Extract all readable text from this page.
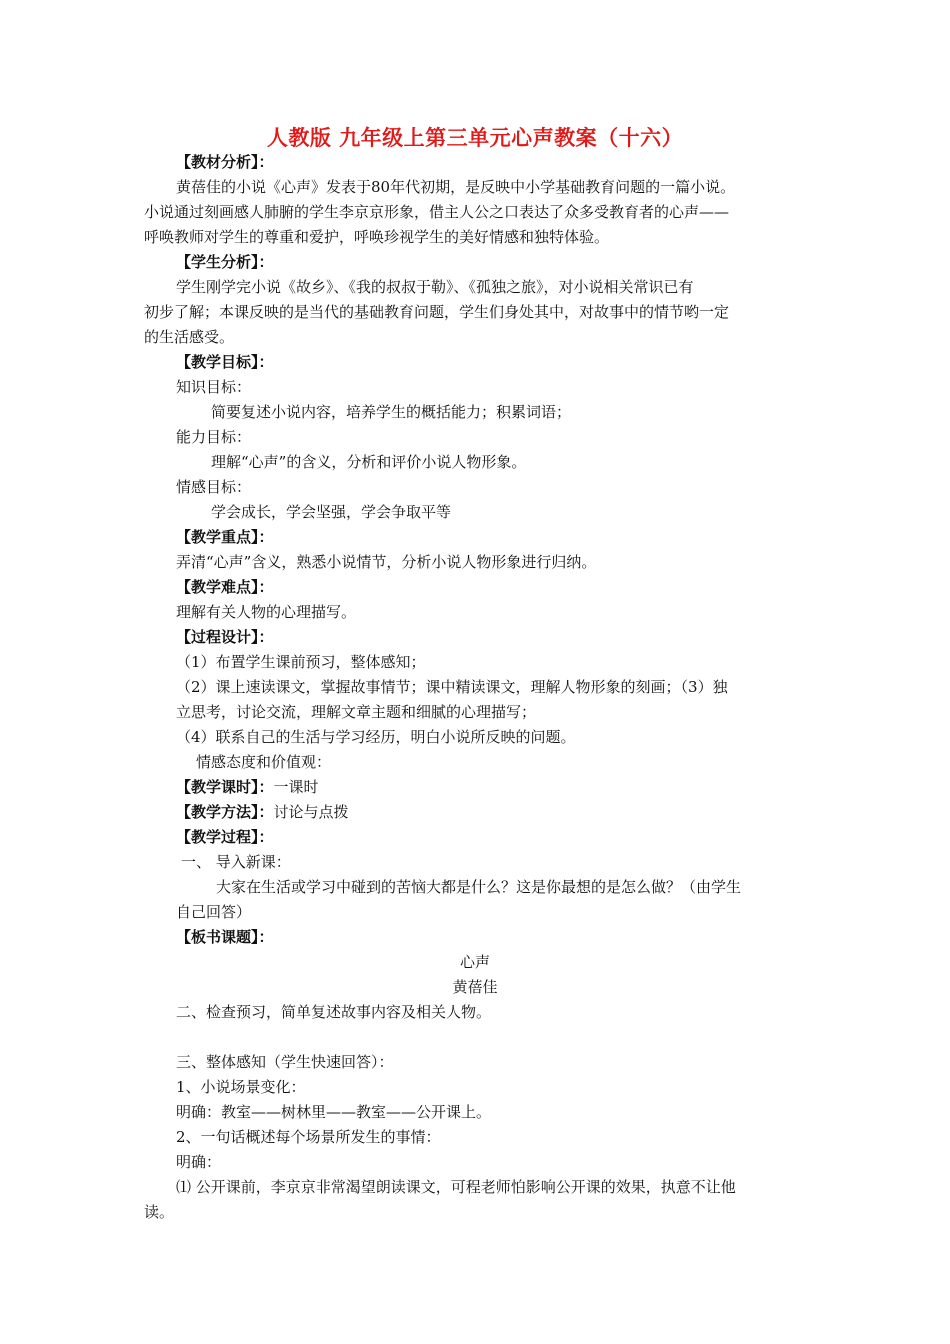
人教版 九年级上第三单元心声教案（十六）
【教材分析】：
黄蓓佳的小说《心声》发表于80年代初期，是反映中小学基础教育问题的一篇小说。
小说通过刻画感人肺腑的学生李京京形象，借主人公之口表达了众多受教育者的心声——
呼唤教师对学生的尊重和爱护，呼唤珍视学生的美好情感和独特体验。
【学生分析】：
学生刚学完小说《故乡》、《我的叔叔于勒》、《孤独之旅》，对小说相关常识已有
初步了解；本课反映的是当代的基础教育问题，学生们身处其中，对故事中的情节哟一定
的生活感受。
【教学目标】：
知识目标：
简要复述小说内容，培养学生的概括能力；积累词语；
能力目标：
理解“心声”的含义，分析和评价小说人物形象。
情感目标：
学会成长，学会坚强，学会争取平等
【教学重点】：
弄清“心声”含义，熟悉小说情节，分析小说人物形象进行归纳。
【教学难点】：
理解有关人物的心理描写。
【过程设计】：
（1）布置学生课前预习，整体感知；
（2）课上速读课文，掌握故事情节；课中精读课文，理解人物形象的刻画；（3）独
立思考，讨论交流，理解文章主题和细腻的心理描写；
（4）联系自己的生活与学习经历，明白小说所反映的问题。
情感态度和价值观：
【教学课时】：一课时
【教学方法】：讨论与点拨
【教学过程】：
一、 导入新课：
大家在生活或学习中碰到的苦恼大都是什么？这是你最想的是怎么做？（由学生
自己回答）
【板书课题】：
心声
黄蓓佳
二、检查预习，简单复述故事内容及相关人物。
三、整体感知（学生快速回答）：
1、小说场景变化：
明确：教室——树林里——教室——公开课上。
2、一句话概述每个场景所发生的事情：
明确：
⑴ 公开课前，李京京非常渴望朗读课文，可程老师怕影响公开课的效果，执意不让他
读。
